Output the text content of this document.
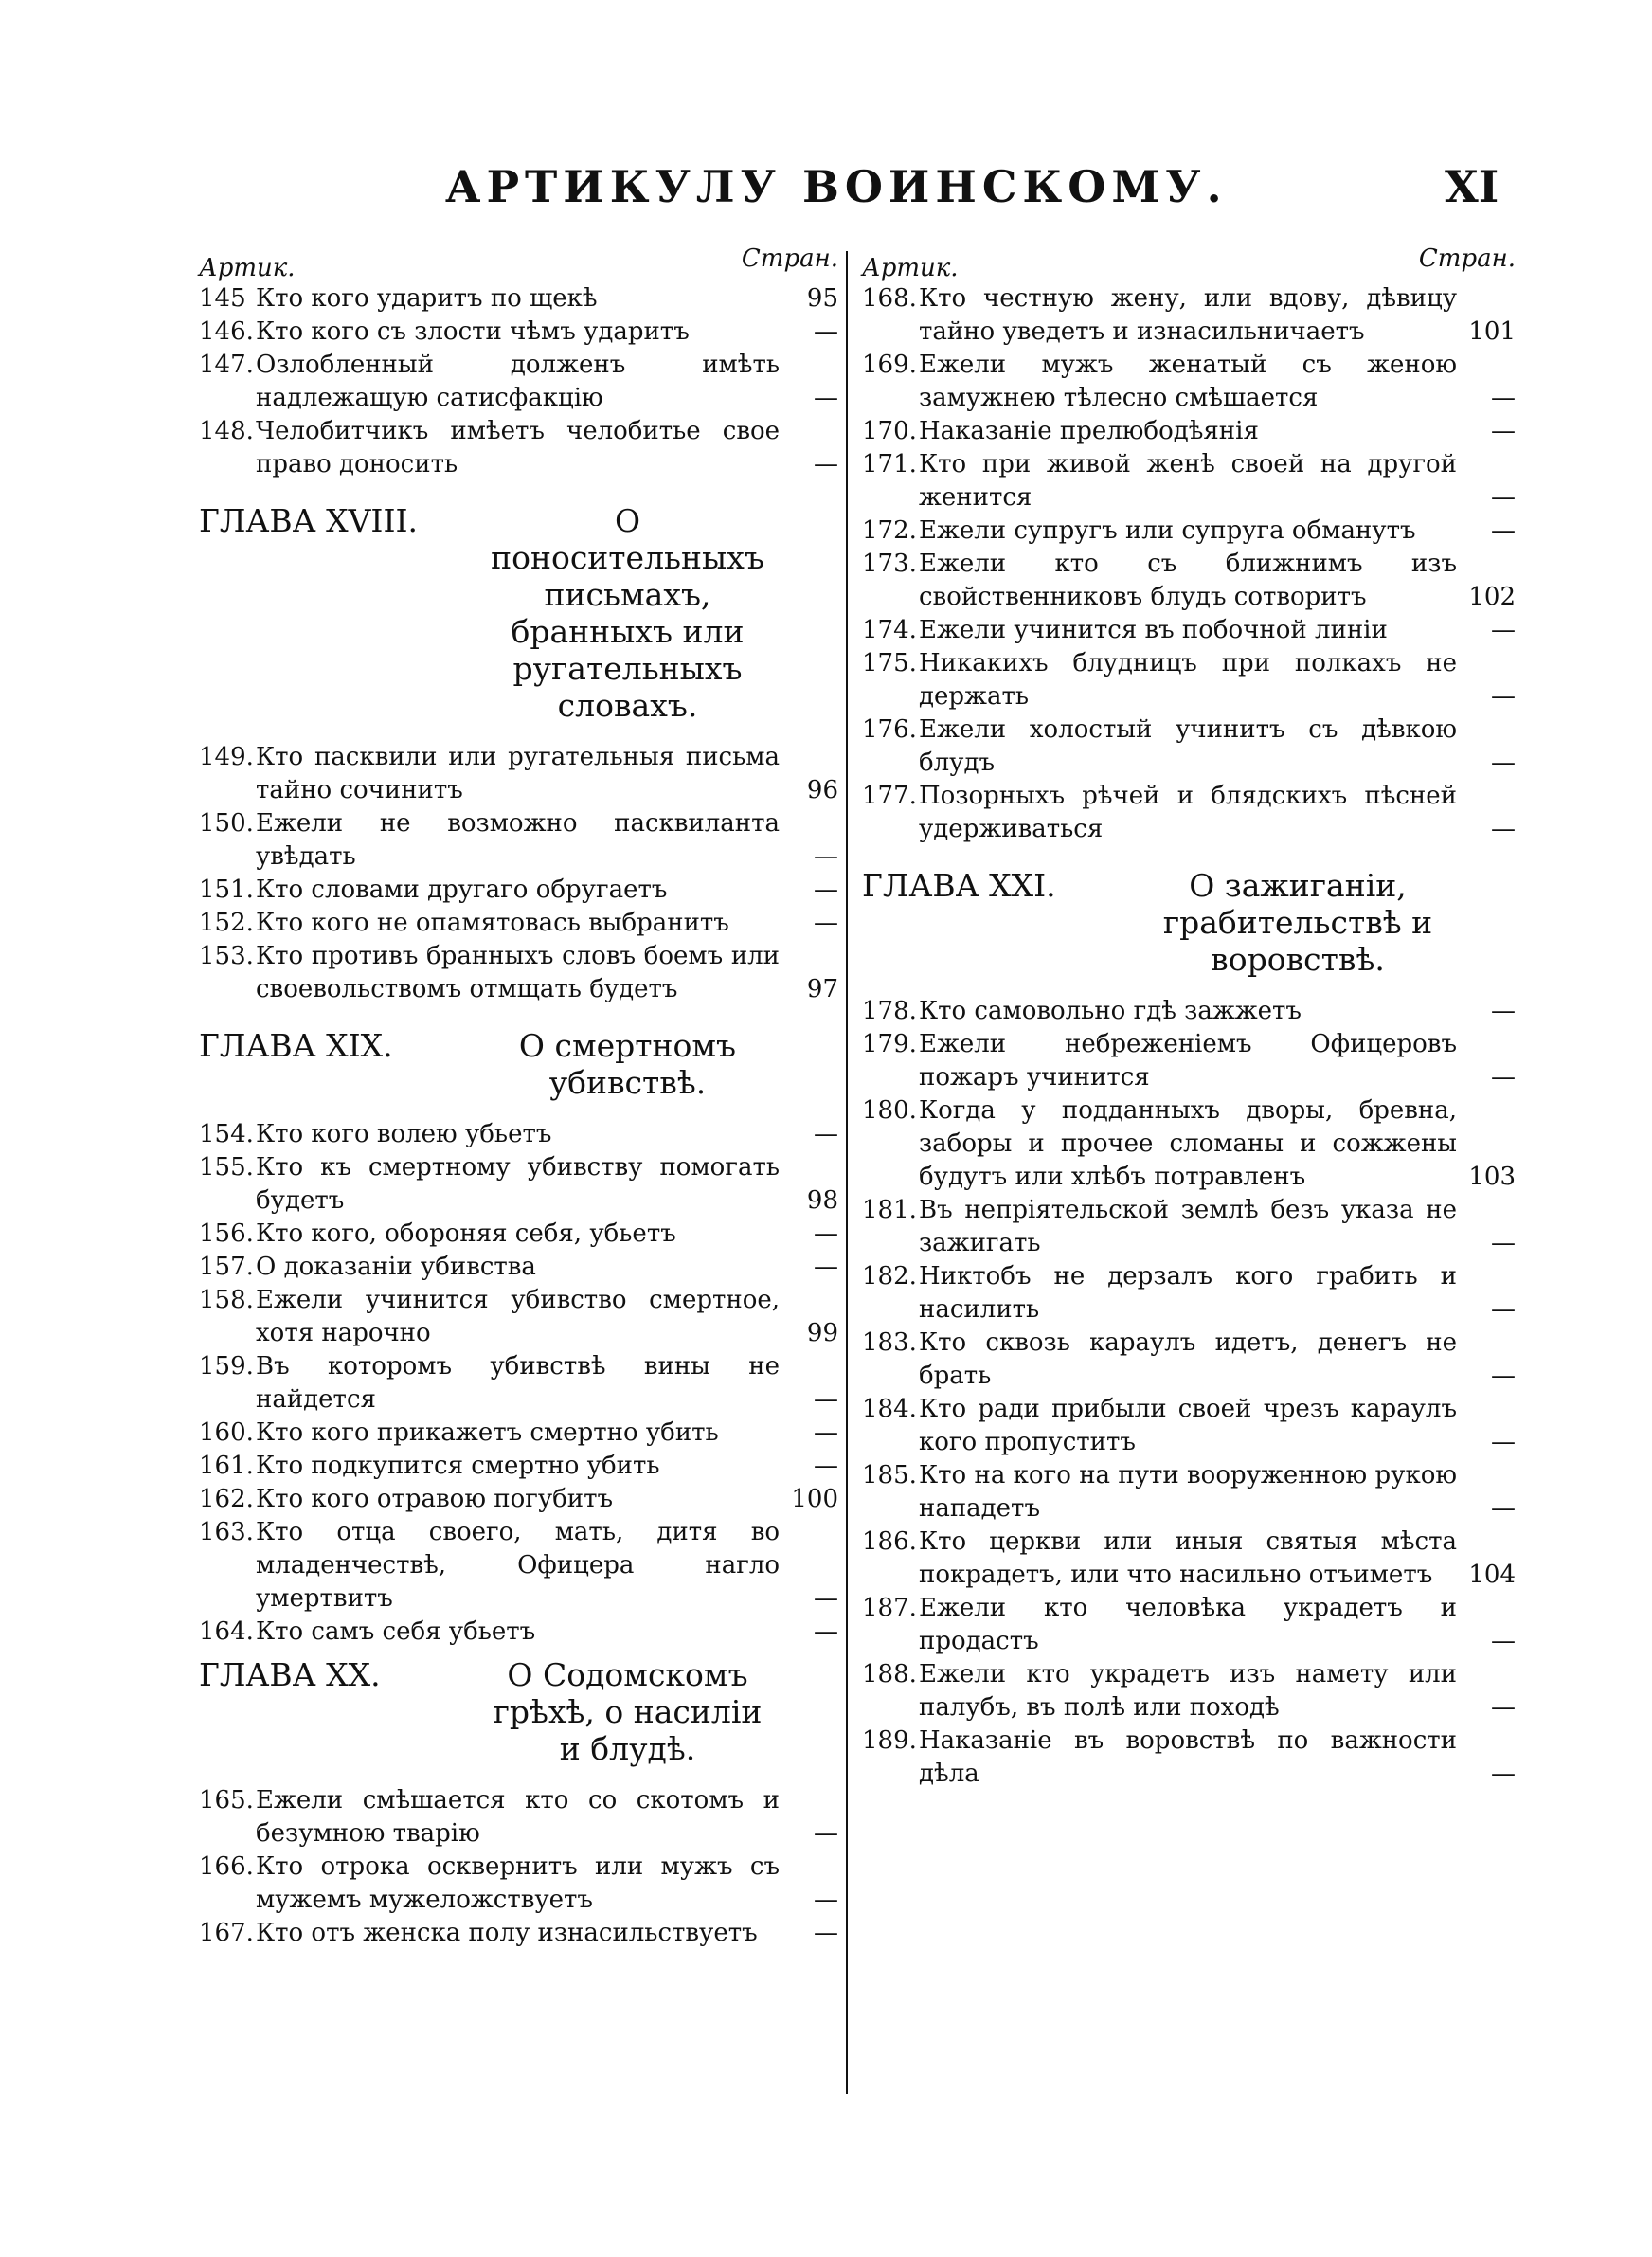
АРТИКУЛУ ВОИНСКОМУ.	XI
Артик.	Стран.
145 Кто кого ударитъ по щекѣ	95
146. Кто кого съ злости чѣмъ ударитъ	—
147. Озлобленный долженъ имѣть надлежащую сатисфакцію	—
148. Челобитчикъ имѣетъ челобитье свое право доносить	—
ГЛАВА XVIII.	О поносительныхъ письмахъ, бранныхъ или ругательныхъ словахъ.
149. Кто пасквили или ругательныя письма тайно сочинитъ	96
150. Ежели не возможно пасквиланта увѣдать	—
151. Кто словами другаго обругаетъ	—
152. Кто кого не опамятовась выбранитъ	—
153. Кто противъ бранныхъ словъ боемъ или своевольствомъ отмщать будетъ	97
ГЛАВА XIX.	О смертномъ убивствѣ.
154. Кто кого волею убьетъ	—
155. Кто къ смертному убивству помогать будетъ	98
156. Кто кого, обороняя себя, убьетъ	—
157. О доказаніи убивства	—
158. Ежели учинится убивство смертное, хотя нарочно	99
159. Въ которомъ убивствѣ вины не найдется	—
160. Кто кого прикажетъ смертно убить	—
161. Кто подкупится смертно убить	—
162. Кто кого отравою погубитъ	100
163. Кто отца своего, мать, дитя во младенчествѣ, Офицера нагло умертвитъ	—
164. Кто самъ себя убьетъ	—
ГЛАВА XX.	О Содомскомъ грѣхѣ, о насиліи и блудѣ.
165. Ежели смѣшается кто со скотомъ и безумною тварію	—
166. Кто отрока осквернитъ или мужъ съ мужемъ мужеложствуетъ	—
167. Кто отъ женска полу изнасильствуетъ	—
Артик.	Стран.
168. Кто честную жену, или вдову, дѣвицу тайно уведетъ и изнасильничаетъ	101
169. Ежели мужъ женатый съ женою замужнею тѣлесно смѣшается	—
170. Наказаніе прелюбодѣянія	—
171. Кто при живой женѣ своей на другой женится	—
172. Ежели супругъ или супруга обманутъ	—
173. Ежели кто съ ближнимъ изъ свойственниковъ блудъ сотворитъ	102
174. Ежели учинится въ побочной линіи	—
175. Никакихъ блудницъ при полкахъ не держать	—
176. Ежели холостый учинитъ съ дѣвкою блудъ	—
177. Позорныхъ рѣчей и блядскихъ пѣсней удерживаться	—
ГЛАВА XXI.	О зажиганіи, грабительствѣ и воровствѣ.
178. Кто самовольно гдѣ зажжетъ	—
179. Ежели небреженіемъ Офицеровъ пожаръ учинится	—
180. Когда у подданныхъ дворы, бревна, заборы и прочее сломаны и сожжены будутъ или хлѣбъ потравленъ	103
181. Въ непріятельской землѣ безъ указа не зажигать	—
182. Никтобъ не дерзалъ кого грабить и насилить	—
183. Кто сквозь караулъ идетъ, денегъ не брать	—
184. Кто ради прибыли своей чрезъ караулъ кого пропуститъ	—
185. Кто на кого на пути вооруженною рукою нападетъ	—
186. Кто церкви или иныя святыя мѣста покрадетъ, или что насильно отъиметъ	104
187. Ежели кто человѣка украдетъ и продастъ	—
188. Ежели кто украдетъ изъ намету или палубъ, въ полѣ или походѣ	—
189. Наказаніе въ воровствѣ по важности дѣла	—
